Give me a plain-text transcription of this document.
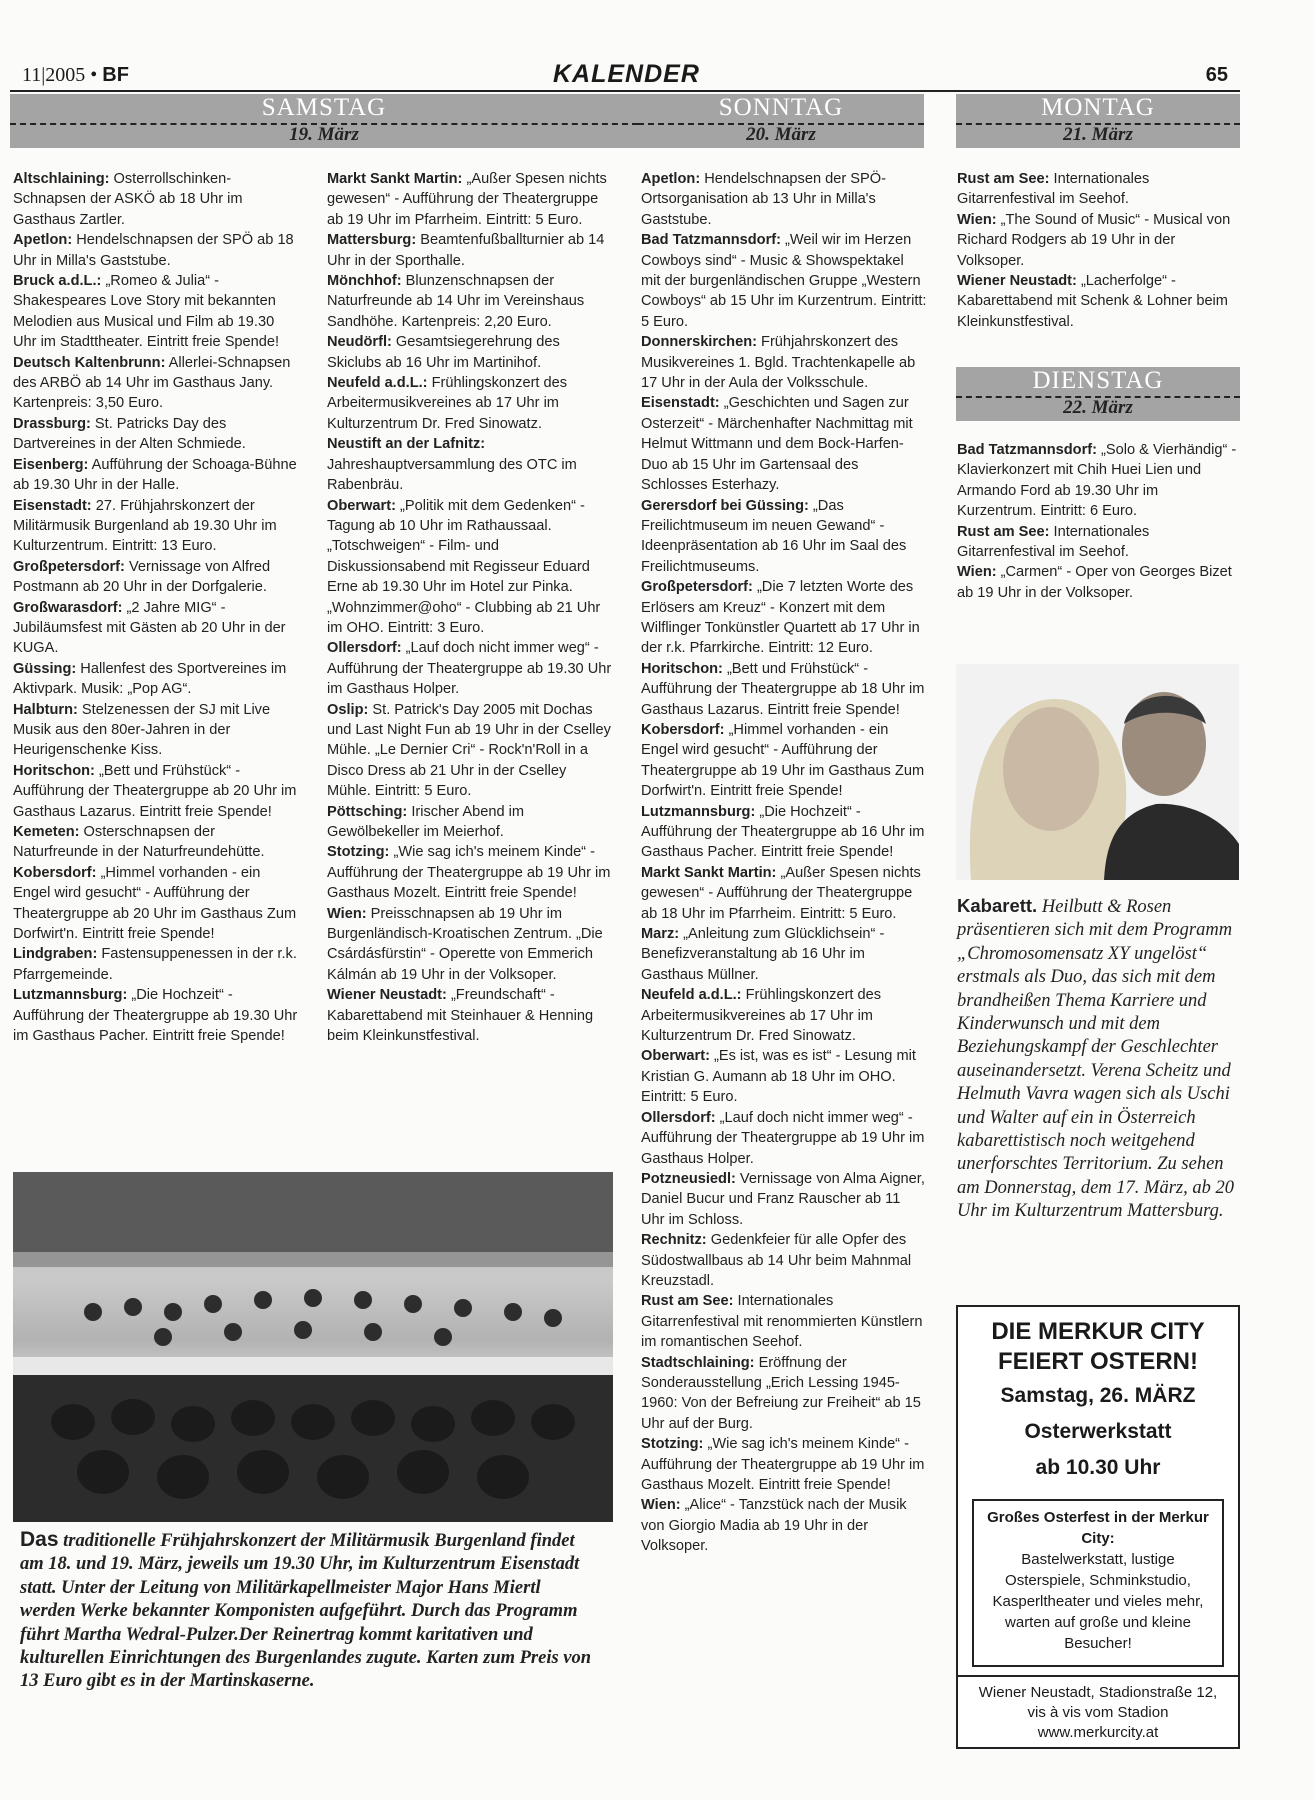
11|2005 • BF	KALENDER	65
SAMSTAG
19. März
SONNTAG
20. März
MONTAG
21. März
DIENSTAG
22. März

Altschlaining: Osterrollschinken-Schnapsen der ASKÖ ab 18 Uhr im Gasthaus Zartler.

Apetlon: Hendelschnapsen der SPÖ ab 18 Uhr in Milla's Gaststube.

Bruck a.d.L.: „Romeo & Julia“ - Shakespeares Love Story mit bekannten Melodien aus Musical und Film ab 19.30 Uhr im Stadttheater. Eintritt freie Spende!

Deutsch Kaltenbrunn: Allerlei-Schnapsen des ARBÖ ab 14 Uhr im Gasthaus Jany. Kartenpreis: 3,50 Euro.

Drassburg: St. Patricks Day des Dartvereines in der Alten Schmiede.

Eisenberg: Aufführung der Schoaga-Bühne ab 19.30 Uhr in der Halle.

Eisenstadt: 27. Frühjahrskonzert der Militärmusik Burgenland ab 19.30 Uhr im Kulturzentrum. Eintritt: 13 Euro.

Großpetersdorf: Vernissage von Alfred Postmann ab 20 Uhr in der Dorfgalerie.

Großwarasdorf: „2 Jahre MIG“ - Jubiläumsfest mit Gästen ab 20 Uhr in der KUGA.

Güssing: Hallenfest des Sportvereines im Aktivpark. Musik: „Pop AG“.

Halbturn: Stelzenessen der SJ mit Live Musik aus den 80er-Jahren in der Heurigenschenke Kiss.

Horitschon: „Bett und Frühstück“ - Aufführung der Theatergruppe ab 20 Uhr im Gasthaus Lazarus. Eintritt freie Spende!

Kemeten: Osterschnapsen der Naturfreunde in der Naturfreundehütte.

Kobersdorf: „Himmel vorhanden - ein Engel wird gesucht“ - Aufführung der Theatergruppe ab 20 Uhr im Gasthaus Zum Dorfwirt'n. Eintritt freie Spende!

Lindgraben: Fastensuppenessen in der r.k. Pfarrgemeinde.

Lutzmannsburg: „Die Hochzeit“ - Aufführung der Theatergruppe ab 19.30 Uhr im Gasthaus Pacher. Eintritt freie Spende!

Markt Sankt Martin: „Außer Spesen nichts gewesen“ - Aufführung der Theatergruppe ab 19 Uhr im Pfarrheim. Eintritt: 5 Euro.

Mattersburg: Beamtenfußballturnier ab 14 Uhr in der Sporthalle.

Mönchhof: Blunzenschnapsen der Naturfreunde ab 14 Uhr im Vereinshaus Sandhöhe. Kartenpreis: 2,20 Euro.

Neudörfl: Gesamtsiegerehrung des Skiclubs ab 16 Uhr im Martinihof.

Neufeld a.d.L.: Frühlingskonzert des Arbeitermusikvereines ab 17 Uhr im Kulturzentrum Dr. Fred Sinowatz.

Neustift an der Lafnitz: Jahreshauptversammlung des OTC im Rabenbräu.

Oberwart: „Politik mit dem Gedenken“ - Tagung ab 10 Uhr im Rathaussaal. „Totschweigen“ - Film- und Diskussionsabend mit Regisseur Eduard Erne ab 19.30 Uhr im Hotel zur Pinka. „Wohnzimmer@oho“ - Clubbing ab 21 Uhr im OHO. Eintritt: 3 Euro.

Ollersdorf: „Lauf doch nicht immer weg“ - Aufführung der Theatergruppe ab 19.30 Uhr im Gasthaus Holper.

Oslip: St. Patrick's Day 2005 mit Dochas und Last Night Fun ab 19 Uhr in der Cselley Mühle. „Le Dernier Cri“ - Rock'n'Roll in a Disco Dress ab 21 Uhr in der Cselley Mühle. Eintritt: 5 Euro.

Pöttsching: Irischer Abend im Gewölbekeller im Meierhof.

Stotzing: „Wie sag ich's meinem Kinde“ - Aufführung der Theatergruppe ab 19 Uhr im Gasthaus Mozelt. Eintritt freie Spende!

Wien: Preisschnapsen ab 19 Uhr im Burgenländisch-Kroatischen Zentrum. „Die Csárdásfürstin“ - Operette von Emmerich Kálmán ab 19 Uhr in der Volksoper.

Wiener Neustadt: „Freundschaft“ - Kabarettabend mit Steinhauer & Henning beim Kleinkunstfestival.

Apetlon: Hendelschnapsen der SPÖ-Ortsorganisation ab 13 Uhr in Milla's Gaststube.

Bad Tatzmannsdorf: „Weil wir im Herzen Cowboys sind“ - Music & Showspektakel mit der burgenländischen Gruppe „Western Cowboys“ ab 15 Uhr im Kurzentrum. Eintritt: 5 Euro.

Donnerskirchen: Frühjahrskonzert des Musikvereines 1. Bgld. Trachtenkapelle ab 17 Uhr in der Aula der Volksschule.

Eisenstadt: „Geschichten und Sagen zur Osterzeit“ - Märchenhafter Nachmittag mit Helmut Wittmann und dem Bock-Harfen-Duo ab 15 Uhr im Gartensaal des Schlosses Esterhazy.

Gerersdorf bei Güssing: „Das Freilichtmuseum im neuen Gewand“ - Ideenpräsentation ab 16 Uhr im Saal des Freilichtmuseums.

Großpetersdorf: „Die 7 letzten Worte des Erlösers am Kreuz“ - Konzert mit dem Wilflinger Tonkünstler Quartett ab 17 Uhr in der r.k. Pfarrkirche. Eintritt: 12 Euro.

Horitschon: „Bett und Frühstück“ - Aufführung der Theatergruppe ab 18 Uhr im Gasthaus Lazarus. Eintritt freie Spende!

Kobersdorf: „Himmel vorhanden - ein Engel wird gesucht“ - Aufführung der Theatergruppe ab 19 Uhr im Gasthaus Zum Dorfwirt'n. Eintritt freie Spende!

Lutzmannsburg: „Die Hochzeit“ - Aufführung der Theatergruppe ab 16 Uhr im Gasthaus Pacher. Eintritt freie Spende!

Markt Sankt Martin: „Außer Spesen nichts gewesen“ - Aufführung der Theatergruppe ab 18 Uhr im Pfarrheim. Eintritt: 5 Euro.

Marz: „Anleitung zum Glücklichsein“ - Benefizveranstaltung ab 16 Uhr im Gasthaus Müllner.

Neufeld a.d.L.: Frühlingskonzert des Arbeitermusikvereines ab 17 Uhr im Kulturzentrum Dr. Fred Sinowatz.

Oberwart: „Es ist, was es ist“ - Lesung mit Kristian G. Aumann ab 18 Uhr im OHO. Eintritt: 5 Euro.

Ollersdorf: „Lauf doch nicht immer weg“ - Aufführung der Theatergruppe ab 19 Uhr im Gasthaus Holper.

Potzneusiedl: Vernissage von Alma Aigner, Daniel Bucur und Franz Rauscher ab 11 Uhr im Schloss.

Rechnitz: Gedenkfeier für alle Opfer des Südostwallbaus ab 14 Uhr beim Mahnmal Kreuzstadl.

Rust am See: Internationales Gitarrenfestival mit renommierten Künstlern im romantischen Seehof.

Stadtschlaining: Eröffnung der Sonderausstellung „Erich Lessing 1945-1960: Von der Befreiung zur Freiheit“ ab 15 Uhr auf der Burg.

Stotzing: „Wie sag ich's meinem Kinde“ - Aufführung der Theatergruppe ab 19 Uhr im Gasthaus Mozelt. Eintritt freie Spende!

Wien: „Alice“ - Tanzstück nach der Musik von Giorgio Madia ab 19 Uhr in der Volksoper.

Rust am See: Internationales Gitarrenfestival im Seehof.

Wien: „The Sound of Music“ - Musical von Richard Rodgers ab 19 Uhr in der Volksoper.

Wiener Neustadt: „Lacherfolge“ - Kabarettabend mit Schenk & Lohner beim Kleinkunstfestival.

Bad Tatzmannsdorf: „Solo & Vierhändig“ - Klavierkonzert mit Chih Huei Lien und Armando Ford ab 19.30 Uhr im Kurzentrum. Eintritt: 6 Euro.

Rust am See: Internationales Gitarrenfestival im Seehof.

Wien: „Carmen“ - Oper von Georges Bizet ab 19 Uhr in der Volksoper.

Das traditionelle Frühjahrskonzert der Militärmusik Burgenland findet am 18. und 19. März, jeweils um 19.30 Uhr, im Kulturzentrum Eisenstadt statt. Unter der Leitung von Militärkapellmeister Major Hans Miertl werden Werke bekannter Komponisten aufgeführt. Durch das Programm führt Martha Wedral-Pulzer.Der Reinertrag kommt karitativen und kulturellen Einrichtungen des Burgenlandes zugute. Karten zum Preis von 13 Euro gibt es in der Martinskaserne.
Kabarett. Heilbutt & Rosen präsentieren sich mit dem Programm „Chromosomensatz XY ungelöst“ erstmals als Duo, das sich mit dem brandheißen Thema Karriere und Kinderwunsch und mit dem Beziehungskampf der Geschlechter auseinandersetzt. Verena Scheitz und Helmuth Vavra wagen sich als Uschi und Walter auf ein in Österreich kabarettistisch noch weitgehend unerforschtes Territorium. Zu sehen am Donnerstag, dem 17. März, ab 20 Uhr im Kulturzentrum Mattersburg.
DIE MERKUR CITY
FEIERT OSTERN!
Samstag, 26. MÄRZ
Osterwerkstatt
ab 10.30 Uhr
Großes Osterfest in der Merkur City:
Bastelwerkstatt, lustige Osterspiele, Schminkstudio, Kasperltheater und vieles mehr, warten auf große und kleine Besucher!
Wiener Neustadt, Stadionstraße 12,
vis à vis vom Stadion
www.merkurcity.at
